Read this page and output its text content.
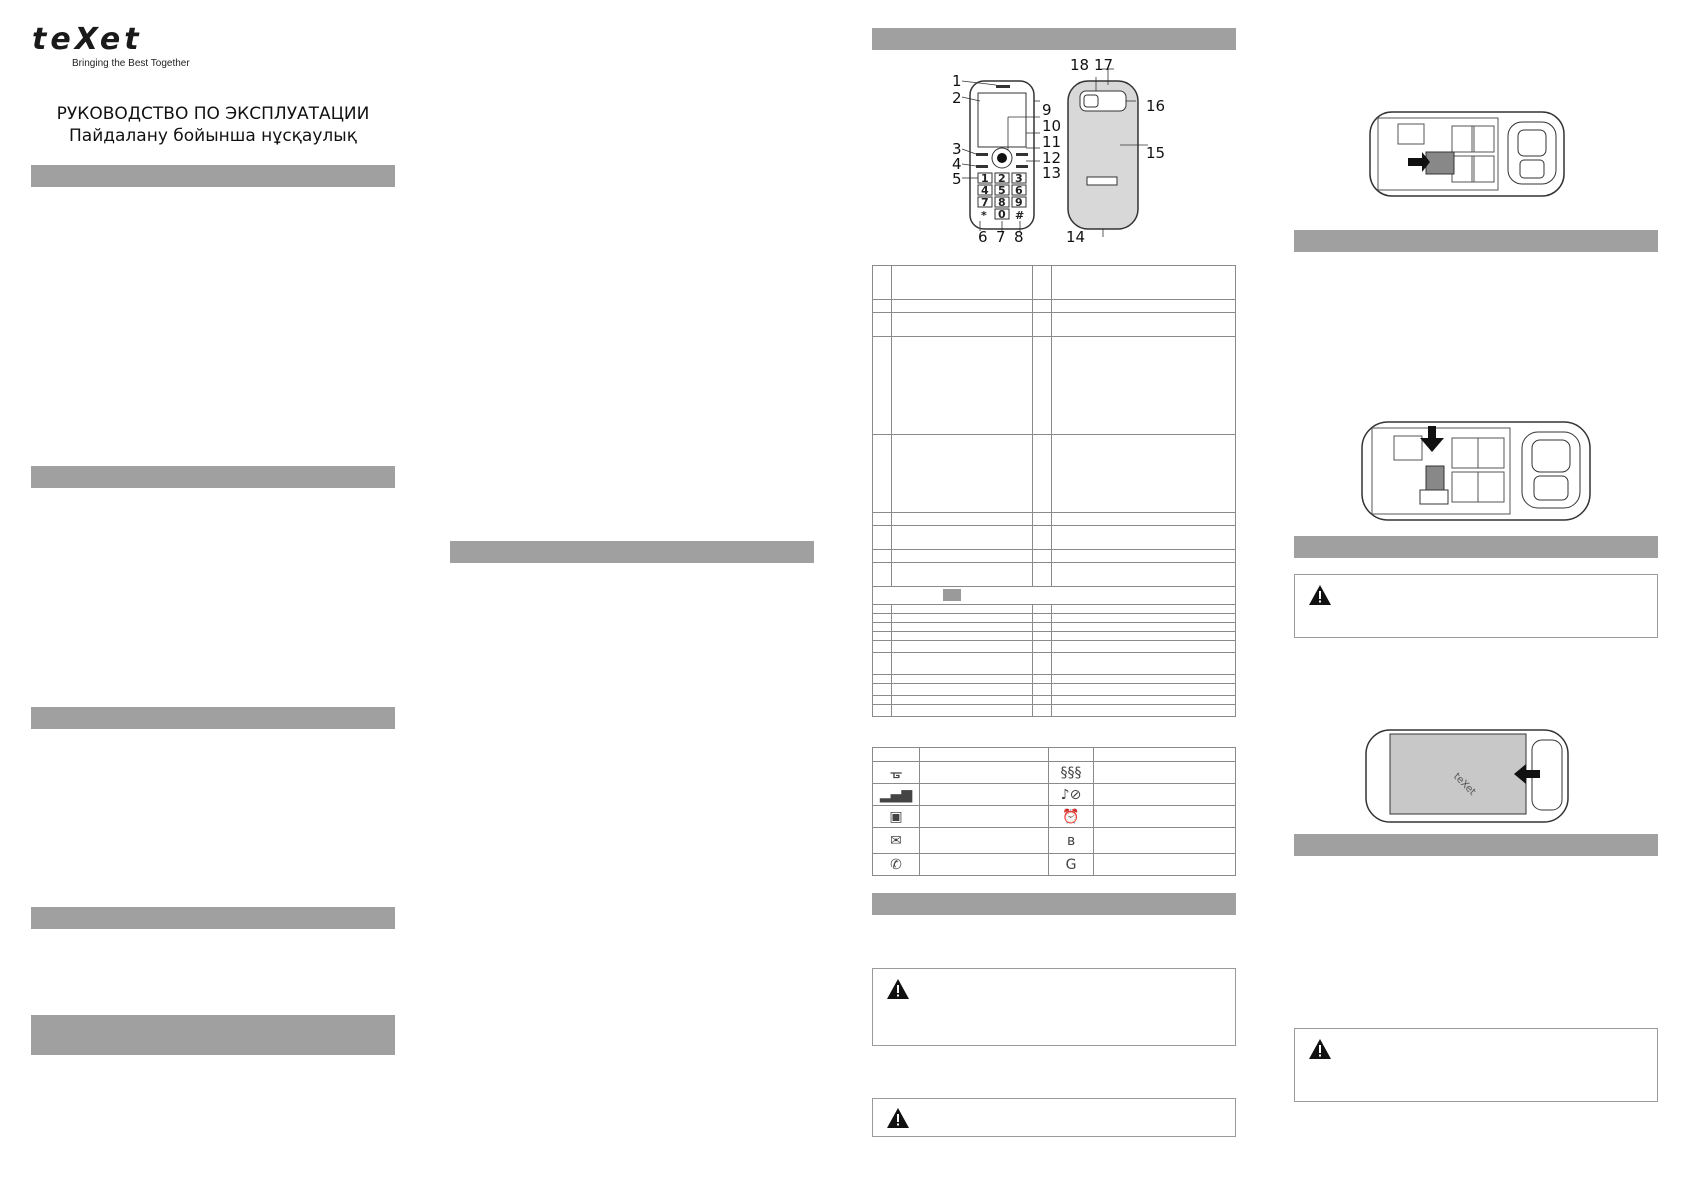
teXet
Bringing the Best Together
РУКОВОДСТВО ПО ЭКСПЛУАТАЦИИ
Пайдалану бойынша нұсқаулық
1 2 3
4 5 6
7 8 9
* 0 #
1
2
3
4
5
6 7 8
9
10
11
12
13
14
15
16
17
18

ᚗ		§§§	
▂▄▆		♪⊘	
▣		⏰	
✉		ʙ	
✆		G	
teXet
